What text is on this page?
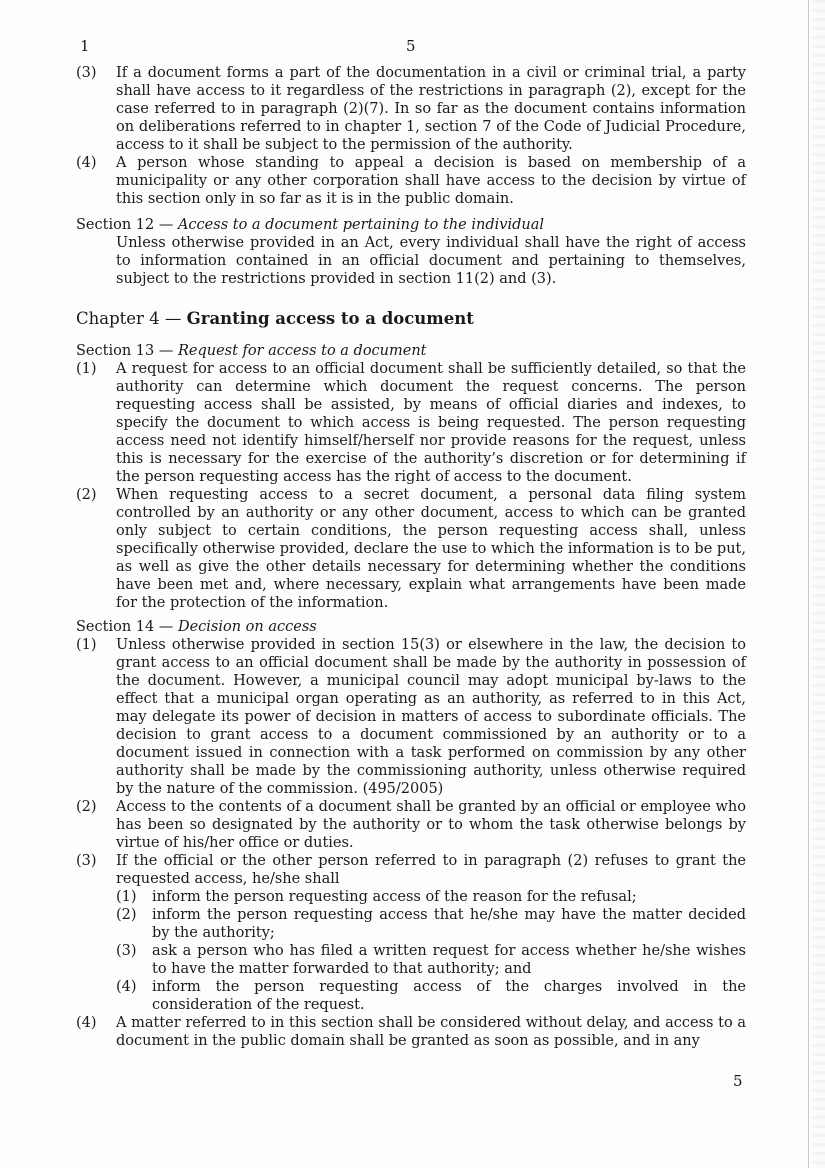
1	5
(3)	If a document forms a part of the documentation in a civil or criminal trial, a party shall have access to it regardless of the restrictions in paragraph (2), except for the case referred to in paragraph (2)(7). In so far as the document contains information on deliberations referred to in chapter 1, section 7 of the Code of Judicial Procedure, access to it shall be subject to the permission of the authority.
(4)	A person whose standing to appeal a decision is based on membership of a municipality or any other corporation shall have access to the decision by virtue of this section only in so far as it is in the public domain.
Section 12 — Access to a document pertaining to the individual
Unless otherwise provided in an Act, every individual shall have the right of access to information contained in an official document and pertaining to themselves, subject to the restrictions provided in section 11(2) and (3).
Chapter 4 — Granting access to a document
Section 13 — Request for access to a document
(1)	A request for access to an official document shall be sufficiently detailed, so that the authority can determine which document the request concerns. The person requesting access shall be assisted, by means of official diaries and indexes, to specify the document to which access is being requested. The person requesting access need not identify himself/herself nor provide reasons for the request, unless this is necessary for the exercise of the authority’s discretion or for determining if the person requesting access has the right of access to the document.
(2)	When requesting access to a secret document, a personal data filing system controlled by an authority or any other document, access to which can be granted only subject to certain conditions, the person requesting access shall, unless specifically otherwise provided, declare the use to which the information is to be put, as well as give the other details necessary for determining whether the conditions have been met and, where necessary, explain what arrangements have been made for the protection of the information.
Section 14 — Decision on access
(1)	Unless otherwise provided in section 15(3) or elsewhere in the law, the decision to grant access to an official document shall be made by the authority in possession of the document. However, a municipal council may adopt municipal by-laws to the effect that a municipal organ operating as an authority, as referred to in this Act, may delegate its power of decision in matters of access to subordinate officials. The decision to grant access to a document commissioned by an authority or to a document issued in connection with a task performed on commission by any other authority shall be made by the commissioning authority, unless otherwise required by the nature of the commission. (495/2005)
(2)	Access to the contents of a document shall be granted by an official or employee who has been so designated by the authority or to whom the task otherwise belongs by virtue of his/her office or duties.
(3)	If the official or the other person referred to in paragraph (2) refuses to grant the requested access, he/she shall
(1)	inform the person requesting access of the reason for the refusal;
(2)	inform the person requesting access that he/she may have the matter decided by the authority;
(3)	ask a person who has filed a written request for access whether he/she wishes to have the matter forwarded to that authority; and
(4)	inform the person requesting access of the charges involved in the consideration of the request.
(4)	A matter referred to in this section shall be considered without delay, and access to a document in the public domain shall be granted as soon as possible, and in any
5
